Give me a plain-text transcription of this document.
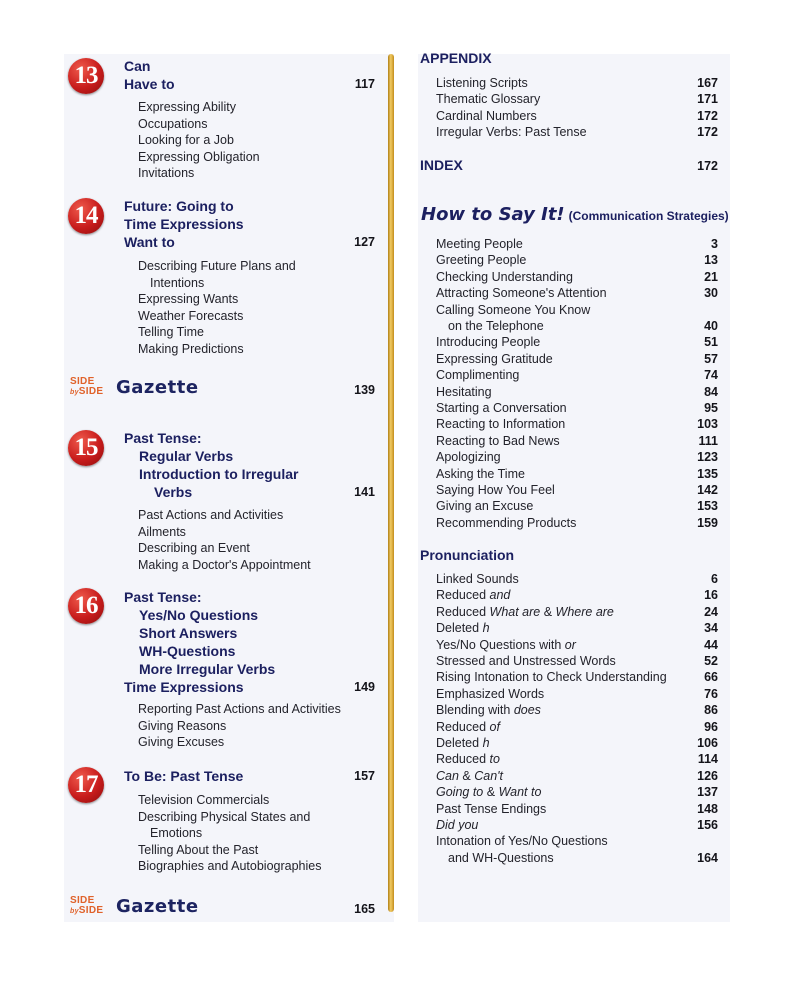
13	Can
Have to	117
Expressing Ability
Occupations
Looking for a Job
Expressing Obligation
Invitations
14	Future: Going to
Time Expressions
Want to	127
Describing Future Plans and
Intentions
Expressing Wants
Weather Forecasts
Telling Time
Making Predictions
15	Past Tense:
Regular Verbs
Introduction to Irregular
Verbs	141
Past Actions and Activities
Ailments
Describing an Event
Making a Doctor's Appointment
16	Past Tense:
Yes/No Questions
Short Answers
WH-Questions
More Irregular Verbs
Time Expressions	149
Reporting Past Actions and Activities
Giving Reasons
Giving Excuses
17	To Be: Past Tense	157
Television Commercials
Describing Physical States and
Emotions
Telling About the Past
Biographies and Autobiographies
SIDE
bySIDE Gazette	139
SIDE
bySIDE Gazette	165
APPENDIX
Listening Scripts	167
Thematic Glossary	171
Cardinal Numbers	172
Irregular Verbs: Past Tense	172
INDEX	172
How to Say It! (Communication Strategies)
Meeting People	3
Greeting People	13
Checking Understanding	21
Attracting Someone's Attention	30
Calling Someone You Know
on the Telephone	40
Introducing People	51
Expressing Gratitude	57
Complimenting	74
Hesitating	84
Starting a Conversation	95
Reacting to Information	103
Reacting to Bad News	111
Apologizing	123
Asking the Time	135
Saying How You Feel	142
Giving an Excuse	153
Recommending Products	159
Pronunciation
Linked Sounds	6
Reduced and	16
Reduced What are & Where are	24
Deleted h	34
Yes/No Questions with or	44
Stressed and Unstressed Words	52
Rising Intonation to Check Understanding	66
Emphasized Words	76
Blending with does	86
Reduced of	96
Deleted h	106
Reduced to	114
Can & Can't	126
Going to & Want to	137
Past Tense Endings	148
Did you	156
Intonation of Yes/No Questions
and WH-Questions	164
